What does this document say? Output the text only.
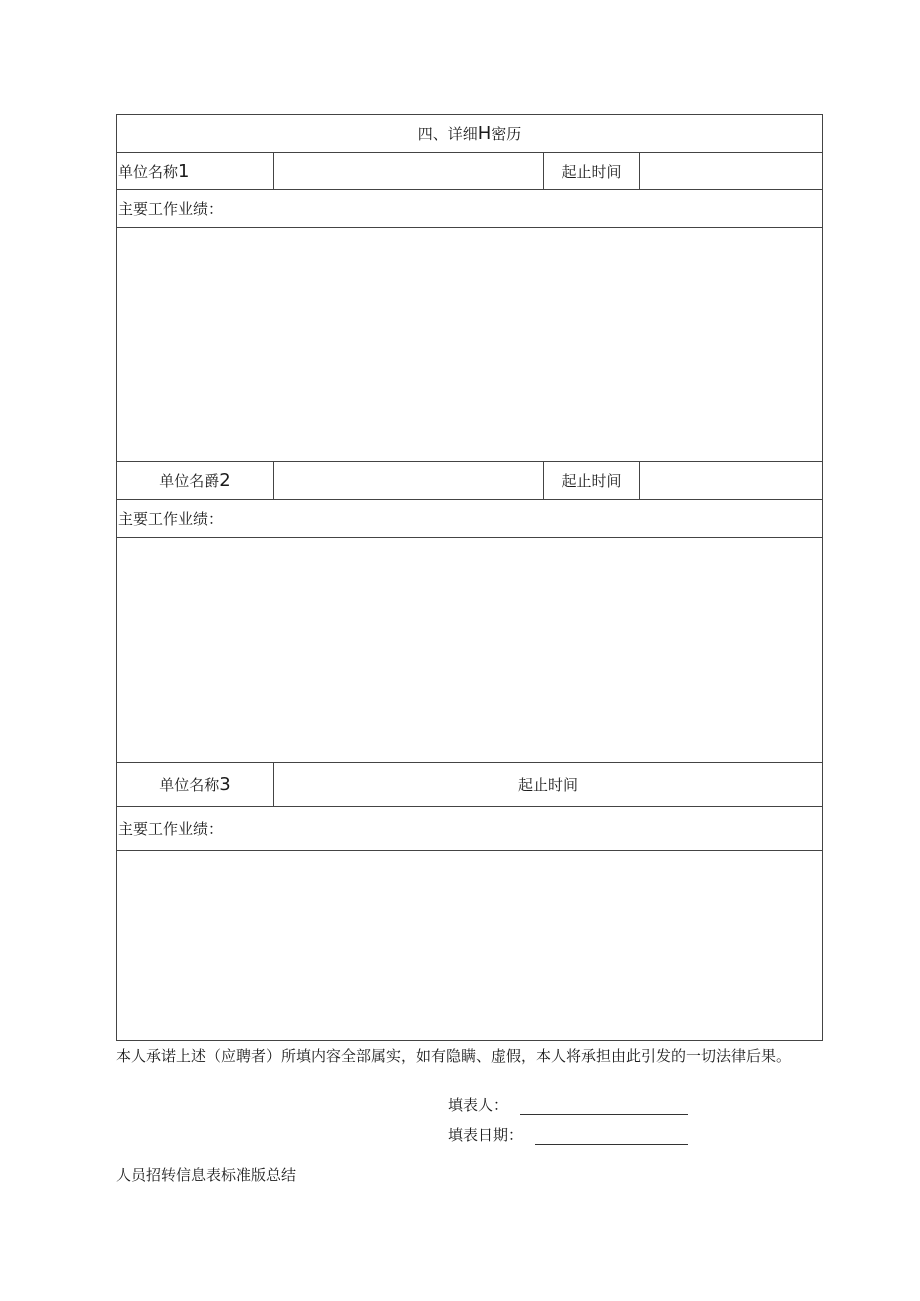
四、详细 H 密历
单位名称 1	起止时间
主要工作业绩：
单位名爵 2	起止时间
主要工作业绩：
单位名称 3	起止时间
主要工作业绩：
本人承诺上述（应聘者）所填内容全部属实，如有隐瞒、虚假，本人将承担由此引发的一切法律后果。
填表人：
填表日期：
人员招转信息表标准版总结
